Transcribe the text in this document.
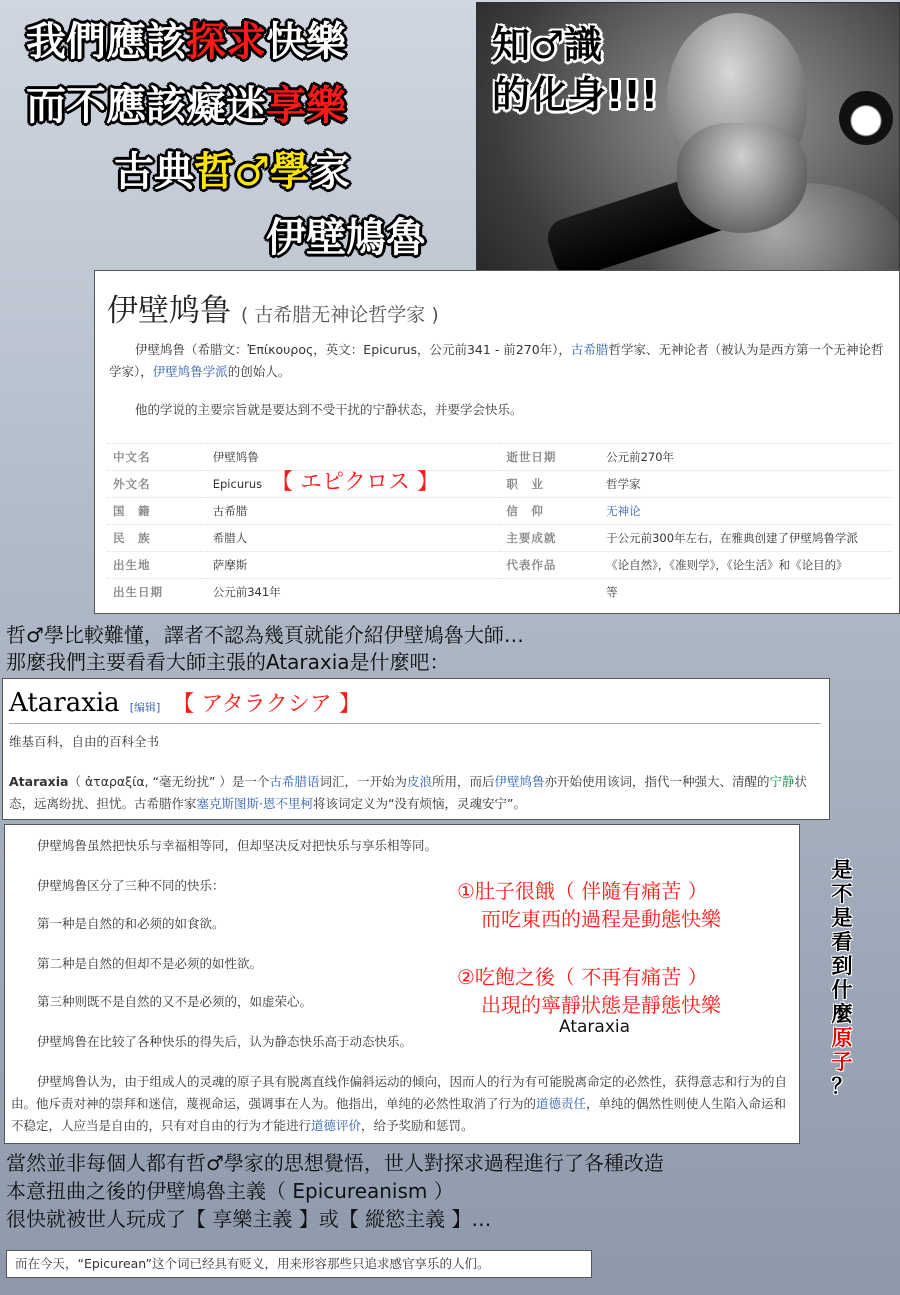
我們應該探求快樂
而不應該癡迷享樂
古典哲♂學家
伊壁鳩魯
知♂識
的化身!!!
伊壁鸠鲁 ( 古希腊无神论哲学家 )
伊壁鸠鲁（希腊文：Ἐπίκουρος，英文：Epicurus，公元前341 - 前270年），古希腊哲学家、无神论者（被认为是西方第一个无神论哲学家），伊壁鸠鲁学派的创始人。
他的学说的主要宗旨就是要达到不受干扰的宁静状态，并要学会快乐。
中文名	伊壁鸠鲁	逝世日期	公元前270年
外文名	Epicurus	职　业	哲学家
国　籍	古希腊	信　仰	无神论
民　族	希腊人	主要成就	于公元前300年左右，在雅典创建了伊壁鸠鲁学派
出生地	萨摩斯	代表作品	《论自然》，《准则学》，《论生活》和《论目的》
出生日期	公元前341年		等
【 エピクロス 】
哲♂學比較難懂，譯者不認為幾頁就能介紹伊壁鳩魯大師…
那麼我們主要看看大師主張的Ataraxia是什麼吧：
Ataraxia [编辑] 【 アタラクシア 】
维基百科，自由的百科全书
Ataraxia（ ἀταραξία, “毫无纷扰” ）是一个古希腊语词汇，一开始为皮浪所用，而后伊壁鸠鲁亦开始使用该词，指代一种强大、清醒的宁静状态，远离纷扰、担忧。古希腊作家塞克斯图斯·恩不里柯将该词定义为“没有烦恼，灵魂安宁”。
伊壁鸠鲁虽然把快乐与幸福相等同，但却坚决反对把快乐与享乐相等同。
伊壁鸠鲁区分了三种不同的快乐：
第一种是自然的和必须的如食欲。
第二种是自然的但却不是必须的如性欲。
第三种则既不是自然的又不是必须的，如虚荣心。
伊壁鸠鲁在比较了各种快乐的得失后，认为静态快乐高于动态快乐。
伊壁鸠鲁认为，由于组成人的灵魂的原子具有脱离直线作偏斜运动的倾向，因而人的行为有可能脱离命定的必然性，获得意志和行为的自由。他斥责对神的崇拜和迷信，蔑视命运，强调事在人为。他指出，单纯的必然性取消了行为的道德责任，单纯的偶然性则使人生陷入命运和不稳定，人应当是自由的，只有对自由的行为才能进行道德评价，给予奖励和惩罚。
①肚子很餓（ 伴隨有痛苦 ）
而吃東西的過程是動態快樂
②吃飽之後（ 不再有痛苦 ）
出現的寧靜狀態是靜態快樂
Ataraxia
是
不
是
看
到
什
麼
原
子
？
當然並非每個人都有哲♂學家的思想覺悟，世人對探求過程進行了各種改造
本意扭曲之後的伊壁鳩魯主義（ Epicureanism ）
很快就被世人玩成了【 享樂主義 】或【 縱慾主義 】…
而在今天，“Epicurean”这个词已经具有贬义，用来形容那些只追求感官享乐的人们。
